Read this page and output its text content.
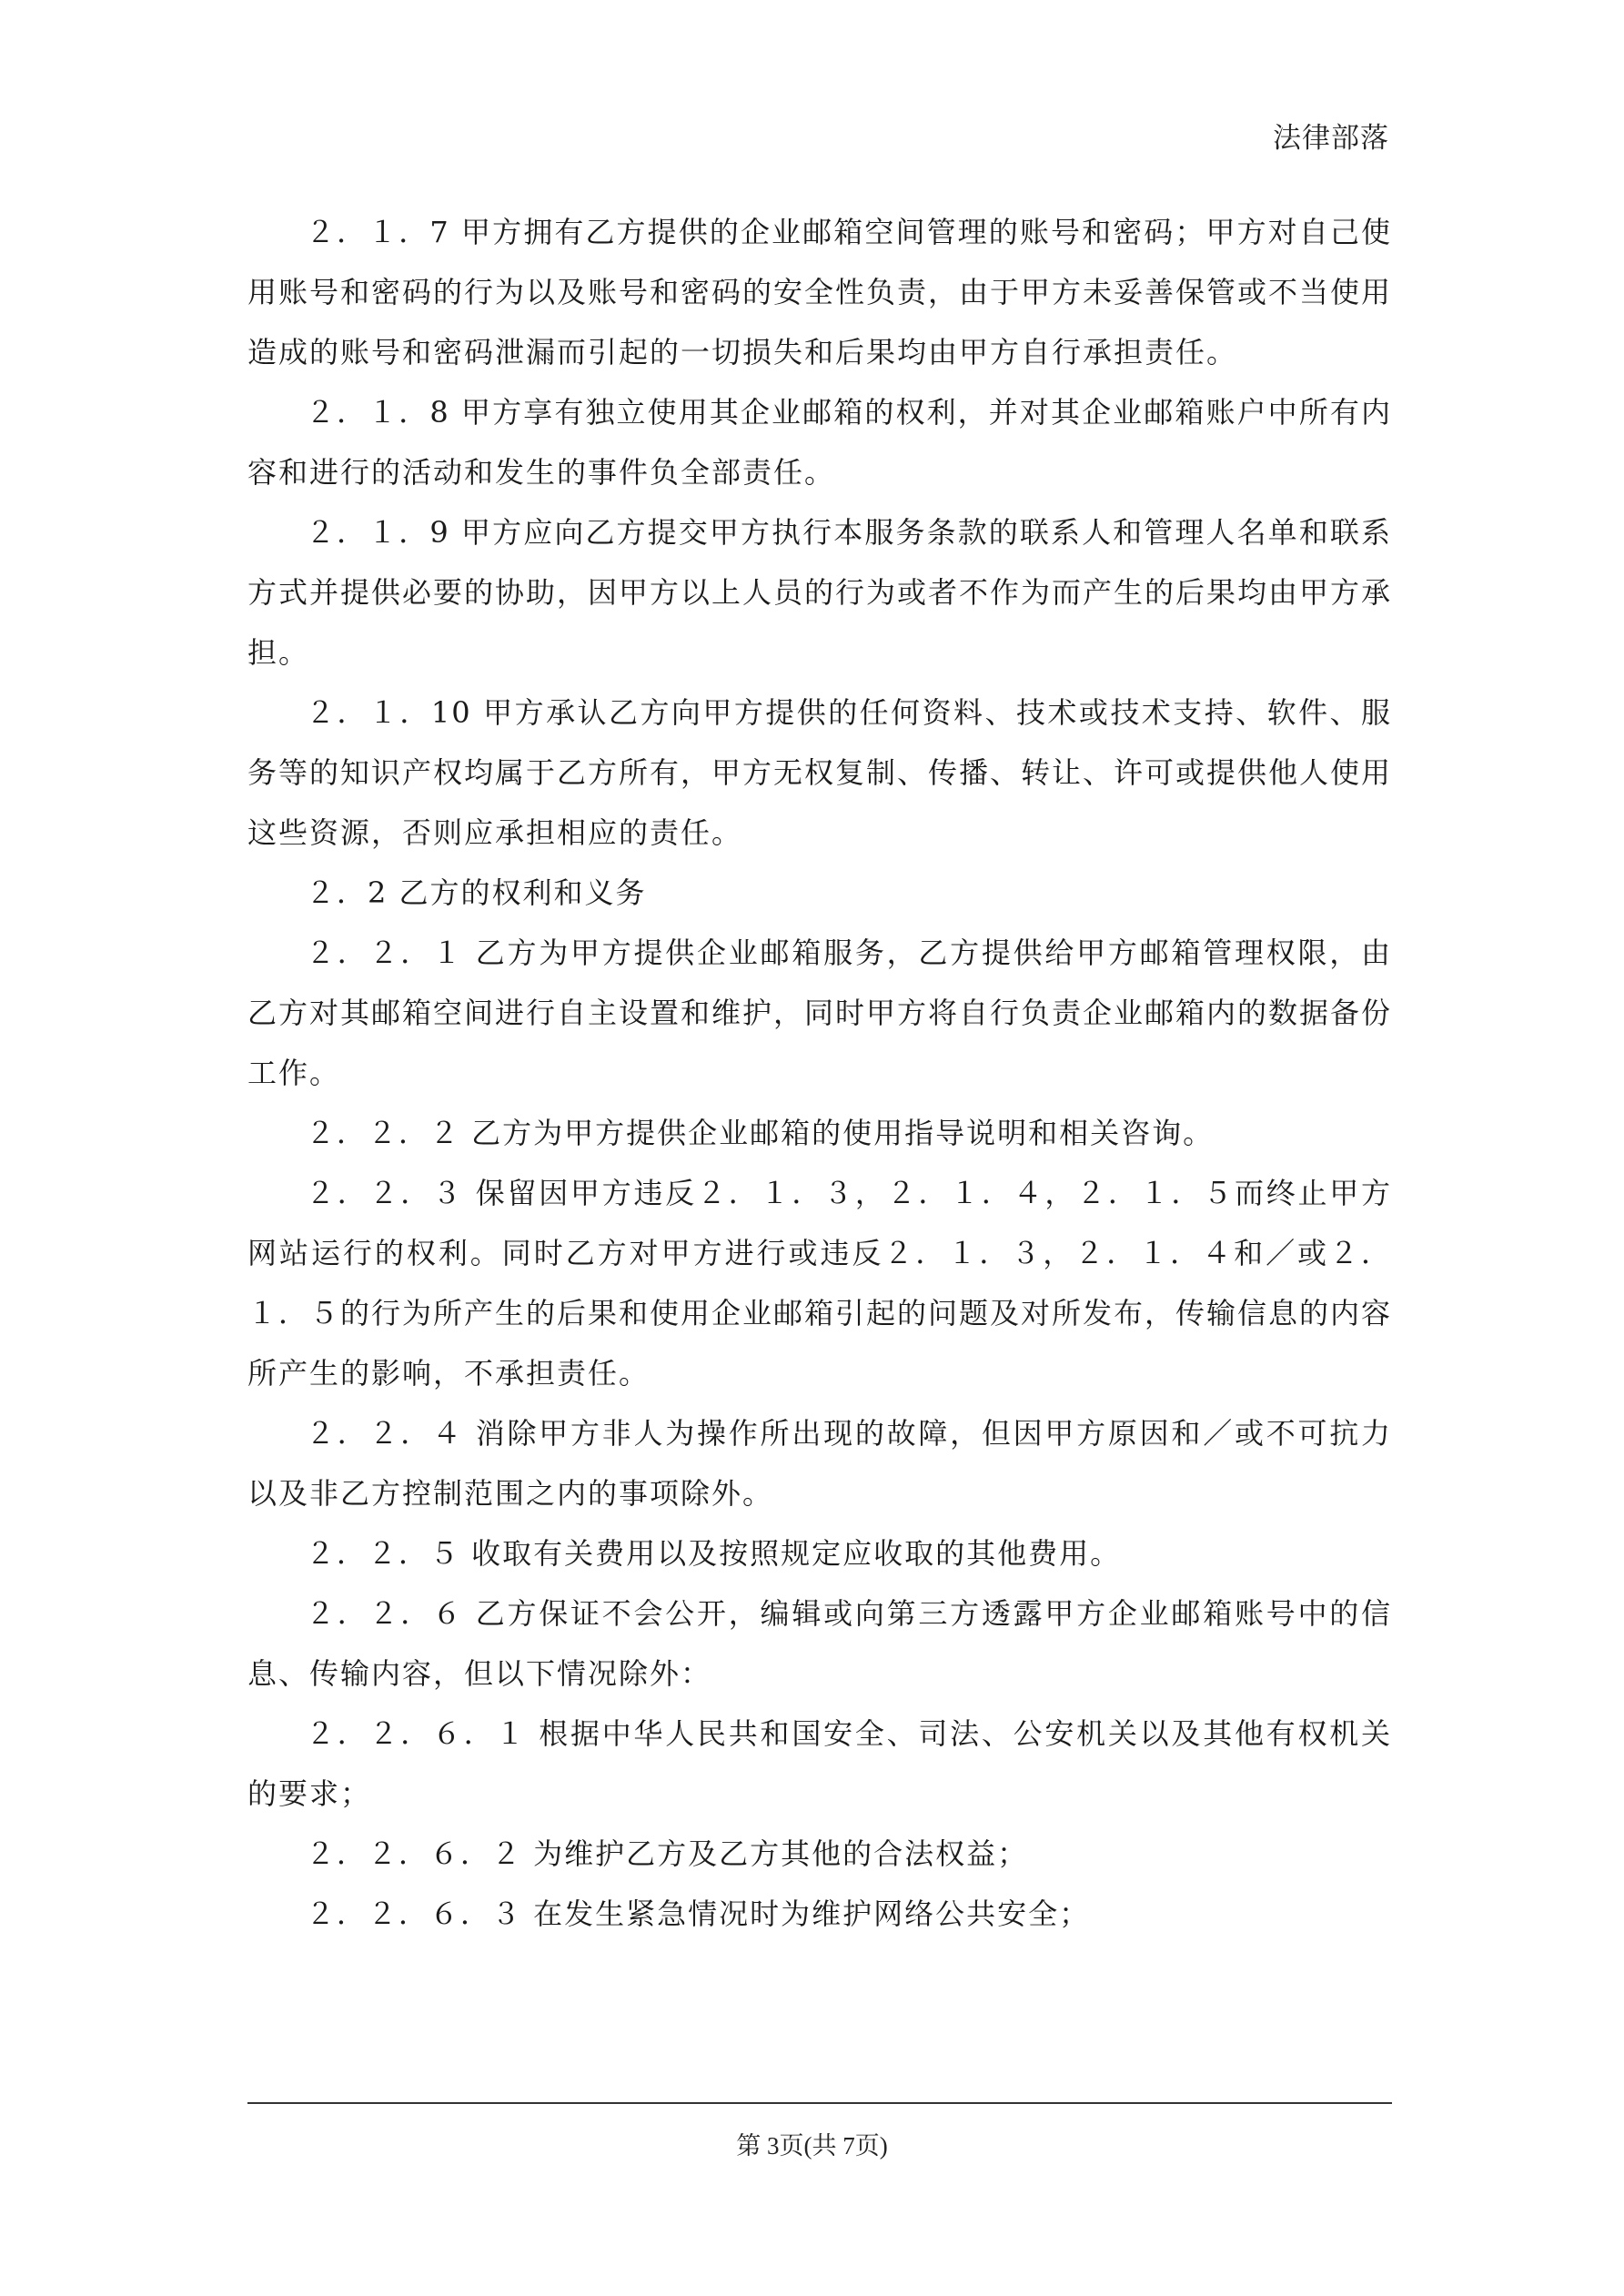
法律部落

２．１．7 甲方拥有乙方提供的企业邮箱空间管理的账号和密码；甲方对自己使用账号和密码的行为以及账号和密码的安全性负责，由于甲方未妥善保管或不当使用造成的账号和密码泄漏而引起的一切损失和后果均由甲方自行承担责任。

２．１．8 甲方享有独立使用其企业邮箱的权利，并对其企业邮箱账户中所有内容和进行的活动和发生的事件负全部责任。

２．１．9 甲方应向乙方提交甲方执行本服务条款的联系人和管理人名单和联系方式并提供必要的协助，因甲方以上人员的行为或者不作为而产生的后果均由甲方承担。

２．１．10 甲方承认乙方向甲方提供的任何资料、技术或技术支持、软件、服务等的知识产权均属于乙方所有，甲方无权复制、传播、转让、许可或提供他人使用这些资源，否则应承担相应的责任。

２．2 乙方的权利和义务

２．２．１ 乙方为甲方提供企业邮箱服务，乙方提供给甲方邮箱管理权限，由乙方对其邮箱空间进行自主设置和维护，同时甲方将自行负责企业邮箱内的数据备份工作。

２．２．２ 乙方为甲方提供企业邮箱的使用指导说明和相关咨询。

２．２．３ 保留因甲方违反２．１．３，２．１．４，２．１．５而终止甲方网站运行的权利。同时乙方对甲方进行或违反２．１．３，２．１．４和／或２．１．５的行为所产生的后果和使用企业邮箱引起的问题及对所发布，传输信息的内容所产生的影响，不承担责任。

２．２．４ 消除甲方非人为操作所出现的故障，但因甲方原因和／或不可抗力以及非乙方控制范围之内的事项除外。

２．２．５ 收取有关费用以及按照规定应收取的其他费用。

２．２．６ 乙方保证不会公开，编辑或向第三方透露甲方企业邮箱账号中的信息、传输内容，但以下情况除外：

２．２．６．１ 根据中华人民共和国安全、司法、公安机关以及其他有权机关的要求；

２．２．６．２ 为维护乙方及乙方其他的合法权益；

２．２．６．３ 在发生紧急情况时为维护网络公共安全；

第 3页(共 7页)
